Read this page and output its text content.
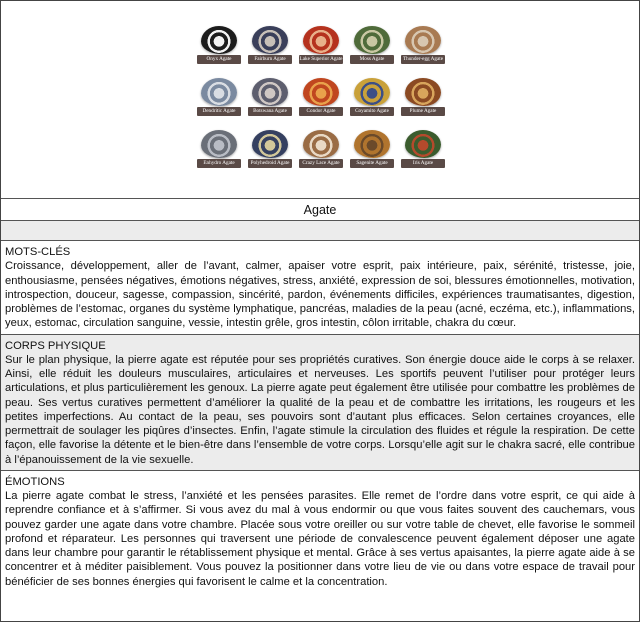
Onyx Agate	Fairburn Agate	Lake Superior Agate	Moss Agate	Thunder-egg Agate
Dendritic Agate	Botswana Agate	Condor Agate	Coyamito Agate	Plume Agate
Enhydro Agate	Polyhedroid Agate	Crazy Lace Agate	Sagenite Agate	Iris Agate
Agate
MOTS-CLÉS

Croissance, développement, aller de l’avant, calmer, apaiser votre esprit, paix intérieure, paix, sérénité, tristesse, joie, enthousiasme, pensées négatives, émotions négatives, stress, anxiété, expression de soi, blessures émotionnelles, motivation, introspection, douceur, sagesse, compassion, sincérité, pardon, événements difficiles, expériences traumatisantes, digestion, problèmes de l’estomac, organes du système lymphatique, pancréas, maladies de la peau (acné, eczéma, etc.), inflammations, yeux, estomac, circulation sanguine, vessie, intestin grêle, gros intestin, côlon irritable, chakra du cœur.

CORPS PHYSIQUE

Sur le plan physique, la pierre agate est réputée pour ses propriétés curatives. Son énergie douce aide le corps à se relaxer. Ainsi, elle réduit les douleurs musculaires, articulaires et nerveuses. Les sportifs peuvent l’utiliser pour protéger leurs articulations, et plus particulièrement les genoux. La pierre agate peut également être utilisée pour combattre les problèmes de peau. Ses vertus curatives permettent d’améliorer la qualité de la peau et de combattre les irritations, les rougeurs et les petites imperfections. Au contact de la peau, ses pouvoirs sont d’autant plus efficaces. Selon certaines croyances, elle permettrait de soulager les piqûres d’insectes. Enfin, l’agate stimule la circulation des fluides et régule la respiration. De cette façon, elle favorise la détente et le bien-être dans l’ensemble de votre corps. Lorsqu’elle agit sur le chakra sacré, elle contribue à l’épanouissement de la vie sexuelle.

ÉMOTIONS

La pierre agate combat le stress, l’anxiété et les pensées parasites. Elle remet de l’ordre dans votre esprit, ce qui aide à reprendre confiance et à s’affirmer. Si vous avez du mal à vous endormir ou que vous faites souvent des cauchemars, vous pouvez garder une agate dans votre chambre. Placée sous votre oreiller ou sur votre table de chevet, elle favorise le sommeil profond et réparateur. Les personnes qui traversent une période de convalescence peuvent également déposer une agate dans leur chambre pour garantir le rétablissement physique et mental. Grâce à ses vertus apaisantes, la pierre agate aide à se concentrer et à méditer paisiblement. Vous pouvez la positionner dans votre lieu de vie ou dans votre espace de travail pour bénéficier de ses bonnes énergies qui favorisent le calme et la concentration.
